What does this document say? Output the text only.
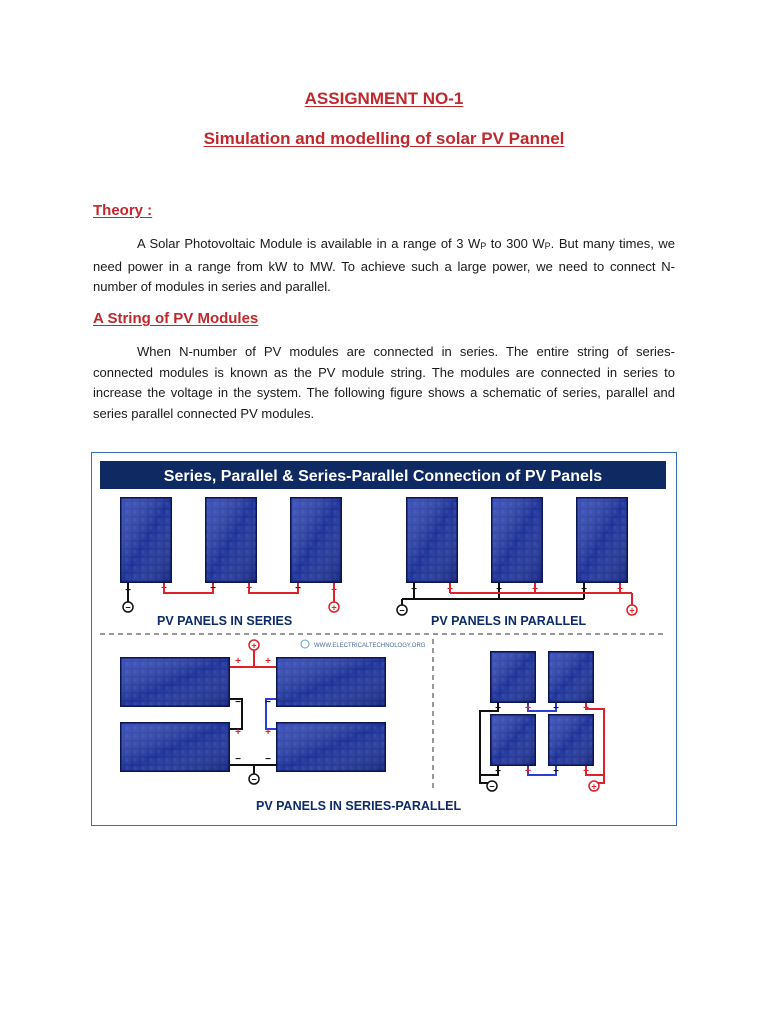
ASSIGNMENT NO-1
Simulation and modelling of solar PV Pannel
Theory :
A Solar Photovoltaic Module is available in a range of 3 $W_P$ to 300 $W_P$. But many times, we need power in a range from kW to MW. To achieve such a large power, we need to connect N-number of modules in series and parallel.
A String of PV Modules
When N-number of PV modules are connected in series. The entire string of series-connected modules is known as the PV module string. The modules are connected in series to increase the voltage in the system. The following figure shows a schematic of series, parallel and series parallel connected PV modules.
Series, Parallel & Series-Parallel Connection of PV Panels
−
−	+	−	+	−
+
+	−	+	−	+	−	+
−	+
+
+ +
−
+
−
+
−
− −
−	+
− + − +
− + − +
PV PANELS IN SERIES	PV PANELS IN PARALLEL
PV PANELS IN SERIES-PARALLEL
WWW.ELECTRICALTECHNOLOGY.ORG
